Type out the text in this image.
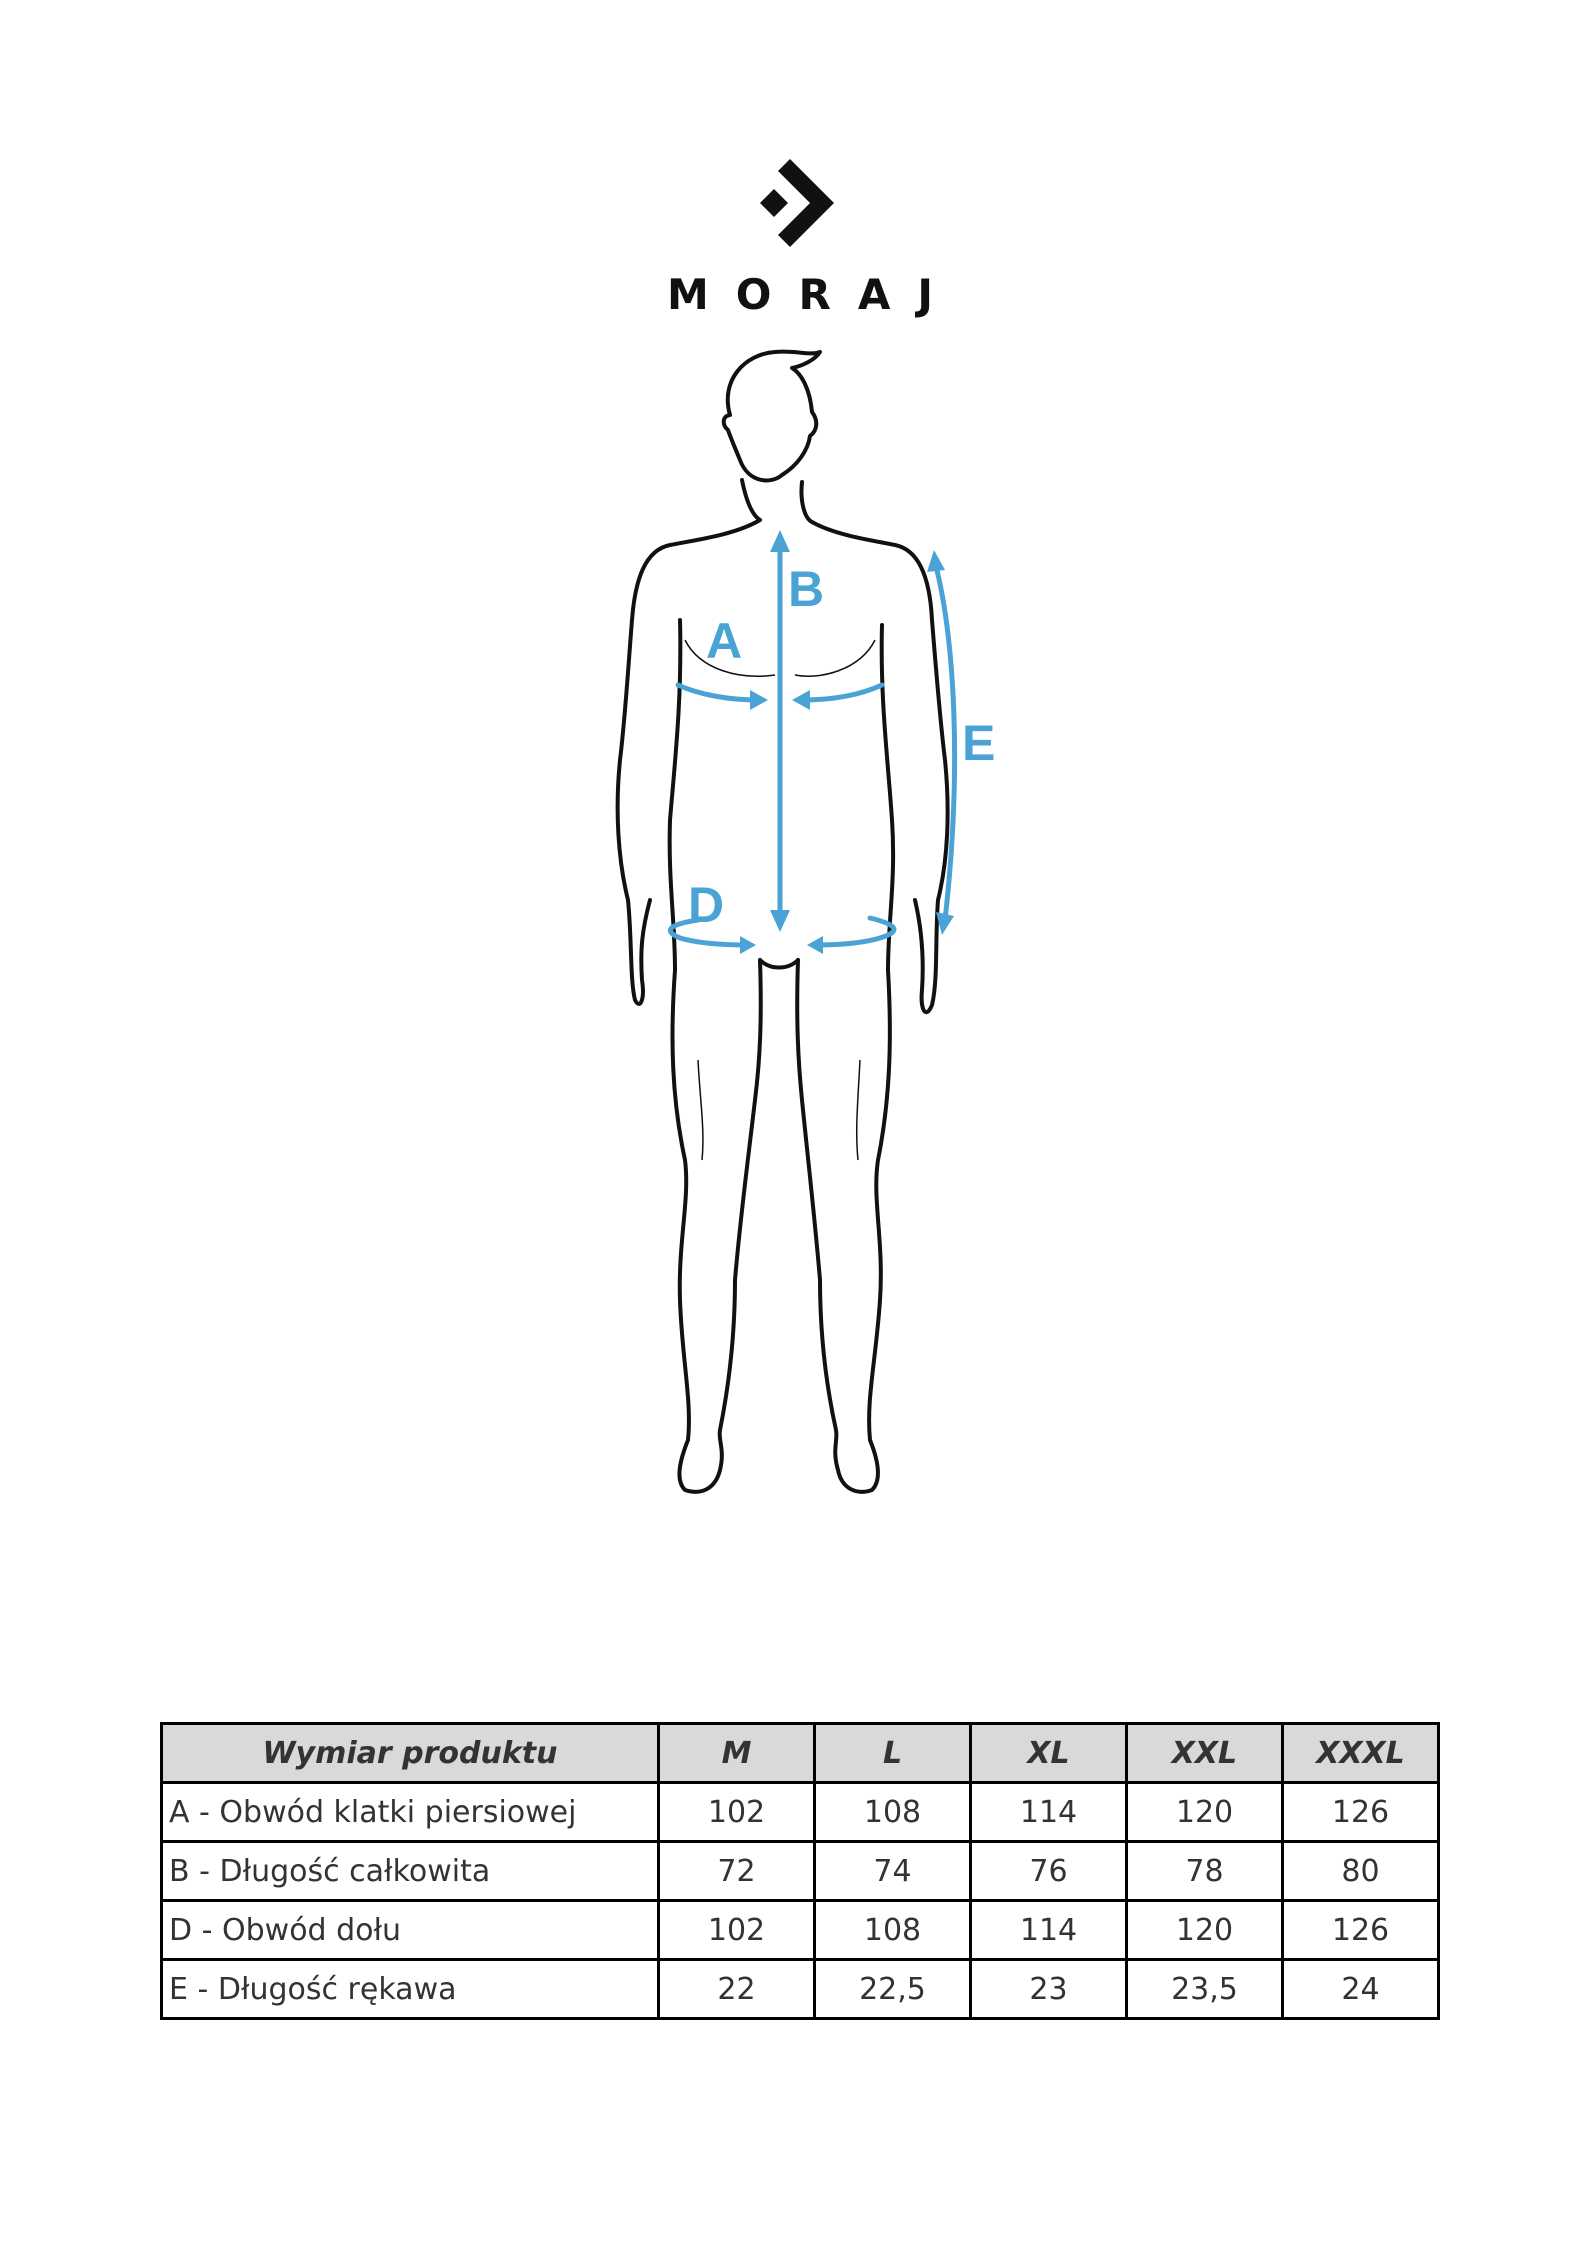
MORAJ
A
B
D
E
Wymiar produktu	M	L	XL	XXL	XXXL
A - Obwód klatki piersiowej	102	108	114	120	126
B - Długość całkowita	72	74	76	78	80
D - Obwód dołu	102	108	114	120	126
E - Długość rękawa	22	22,5	23	23,5	24
